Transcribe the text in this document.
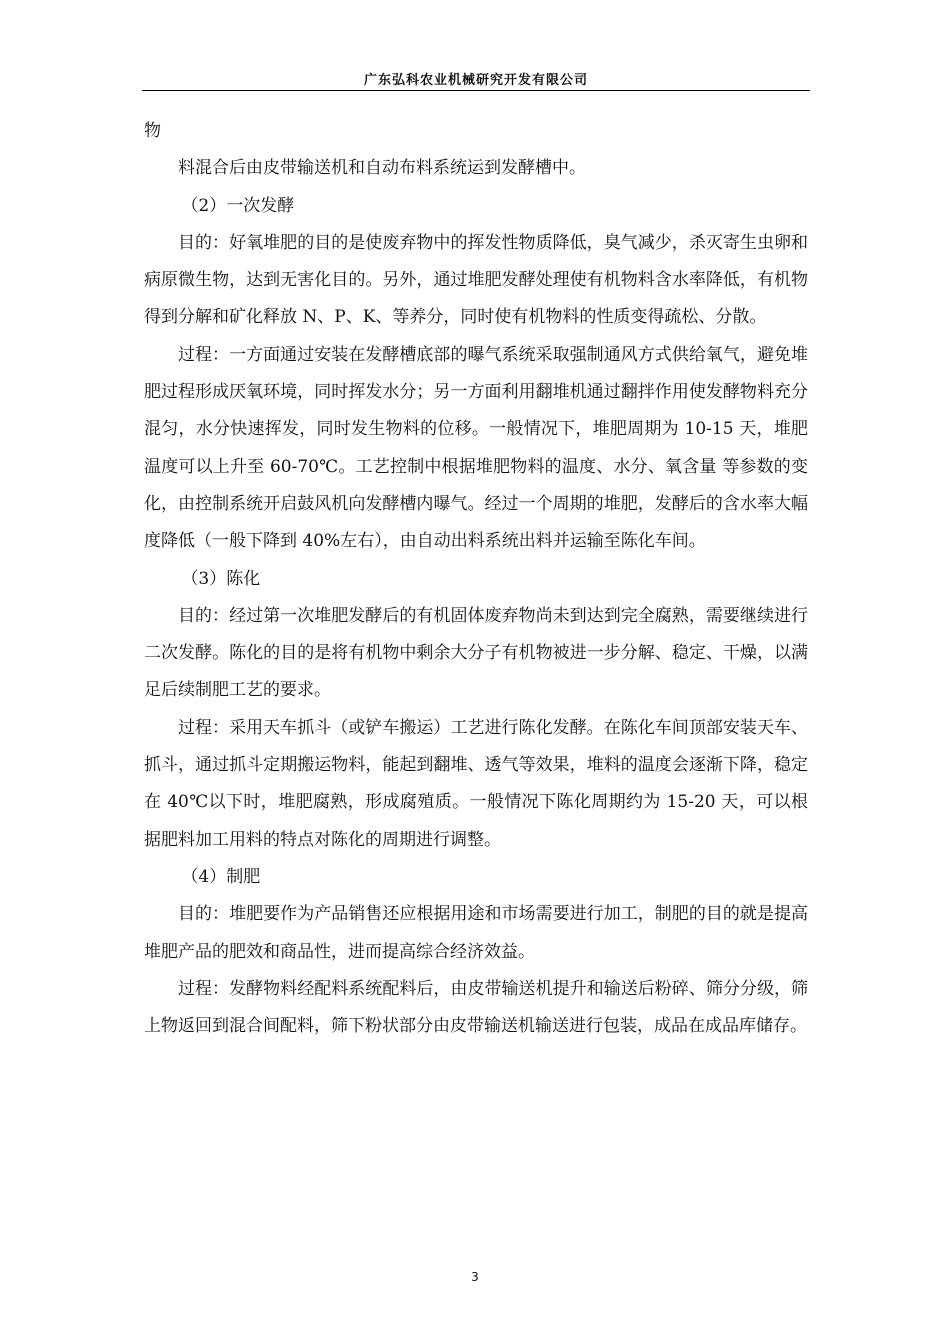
广东弘科农业机械研究开发有限公司

物

料混合后由皮带输送机和自动布料系统运到发酵槽中。

（2）一次发酵

目的：好氧堆肥的目的是使废弃物中的挥发性物质降低，臭气减少，杀灭寄生虫卵和病原微生物，达到无害化目的。另外，通过堆肥发酵处理使有机物料含水率降低，有机物得到分解和矿化释放 N、P、K、等养分，同时使有机物料的性质变得疏松、分散。

过程：一方面通过安装在发酵槽底部的曝气系统采取强制通风方式供给氧气，避免堆肥过程形成厌氧环境，同时挥发水分；另一方面利用翻堆机通过翻拌作用使发酵物料充分混匀，水分快速挥发，同时发生物料的位移。一般情况下，堆肥周期为 10-15 天，堆肥温度可以上升至 60-70℃。工艺控制中根据堆肥物料的温度、水分、氧含量 等参数的变化，由控制系统开启鼓风机向发酵槽内曝气。经过一个周期的堆肥，发酵后的含水率大幅度降低（一般下降到 40%左右），由自动出料系统出料并运输至陈化车间。

（3）陈化

目的：经过第一次堆肥发酵后的有机固体废弃物尚未到达到完全腐熟，需要继续进行二次发酵。陈化的目的是将有机物中剩余大分子有机物被进一步分解、稳定、干燥，以满足后续制肥工艺的要求。

过程：采用天车抓斗（或铲车搬运）工艺进行陈化发酵。在陈化车间顶部安装天车、抓斗，通过抓斗定期搬运物料，能起到翻堆、透气等效果，堆料的温度会逐渐下降，稳定在 40℃以下时，堆肥腐熟，形成腐殖质。一般情况下陈化周期约为 15-20 天，可以根据肥料加工用料的特点对陈化的周期进行调整。

（4）制肥

目的：堆肥要作为产品销售还应根据用途和市场需要进行加工，制肥的目的就是提高堆肥产品的肥效和商品性，进而提高综合经济效益。

过程：发酵物料经配料系统配料后，由皮带输送机提升和输送后粉碎、筛分分级，筛上物返回到混合间配料，筛下粉状部分由皮带输送机输送进行包装，成品在成品库储存。

3
